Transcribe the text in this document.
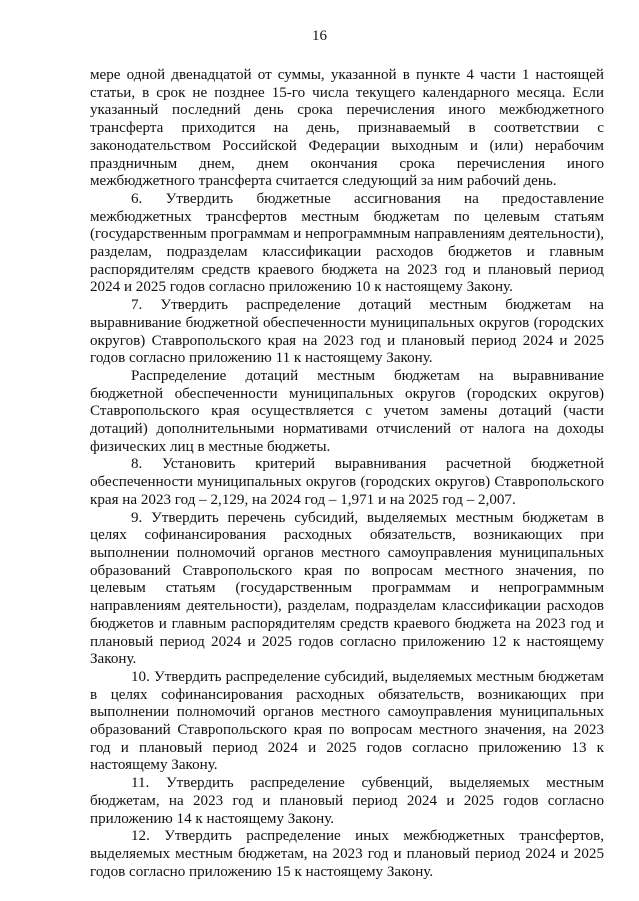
16

мере одной двенадцатой от суммы, указанной в пункте 4 части 1 настоящей статьи, в срок не позднее 15-го числа текущего календарного месяца. Если указанный последний день срока перечисления иного межбюджетного трансферта приходится на день, признаваемый в соответствии с законодательством Российской Федерации выходным и (или) нерабочим праздничным днем, днем окончания срока перечисления иного межбюджетного трансферта считается следующий за ним рабочий день.

6. Утвердить бюджетные ассигнования на предоставление межбюджетных трансфертов местным бюджетам по целевым статьям (государственным программам и непрограммным направлениям деятельности), разделам, подразделам классификации расходов бюджетов и главным распорядителям средств краевого бюджета на 2023 год и плановый период 2024 и 2025 годов согласно приложению 10 к настоящему Закону.

7. Утвердить распределение дотаций местным бюджетам на выравнивание бюджетной обеспеченности муниципальных округов (городских округов) Ставропольского края на 2023 год и плановый период 2024 и 2025 годов согласно приложению 11 к настоящему Закону.

Распределение дотаций местным бюджетам на выравнивание бюджетной обеспеченности муниципальных округов (городских округов) Ставропольского края осуществляется с учетом замены дотаций (части дотаций) дополнительными нормативами отчислений от налога на доходы физических лиц в местные бюджеты.

8. Установить критерий выравнивания расчетной бюджетной обеспеченности муниципальных округов (городских округов) Ставропольского края на 2023 год – 2,129, на 2024 год – 1,971 и на 2025 год – 2,007.

9. Утвердить перечень субсидий, выделяемых местным бюджетам в целях софинансирования расходных обязательств, возникающих при выполнении полномочий органов местного самоуправления муниципальных образований Ставропольского края по вопросам местного значения, по целевым статьям (государственным программам и непрограммным направлениям деятельности), разделам, подразделам классификации расходов бюджетов и главным распорядителям средств краевого бюджета на 2023 год и плановый период 2024 и 2025 годов согласно приложению 12 к настоящему Закону.

10. Утвердить распределение субсидий, выделяемых местным бюджетам в целях софинансирования расходных обязательств, возникающих при выполнении полномочий органов местного самоуправления муниципальных образований Ставропольского края по вопросам местного значения, на 2023 год и плановый период 2024 и 2025 годов согласно приложению 13 к настоящему Закону.

11. Утвердить распределение субвенций, выделяемых местным бюджетам, на 2023 год и плановый период 2024 и 2025 годов согласно приложению 14 к настоящему Закону.

12. Утвердить распределение иных межбюджетных трансфертов, выделяемых местным бюджетам, на 2023 год и плановый период 2024 и 2025 годов согласно приложению 15 к настоящему Закону.
